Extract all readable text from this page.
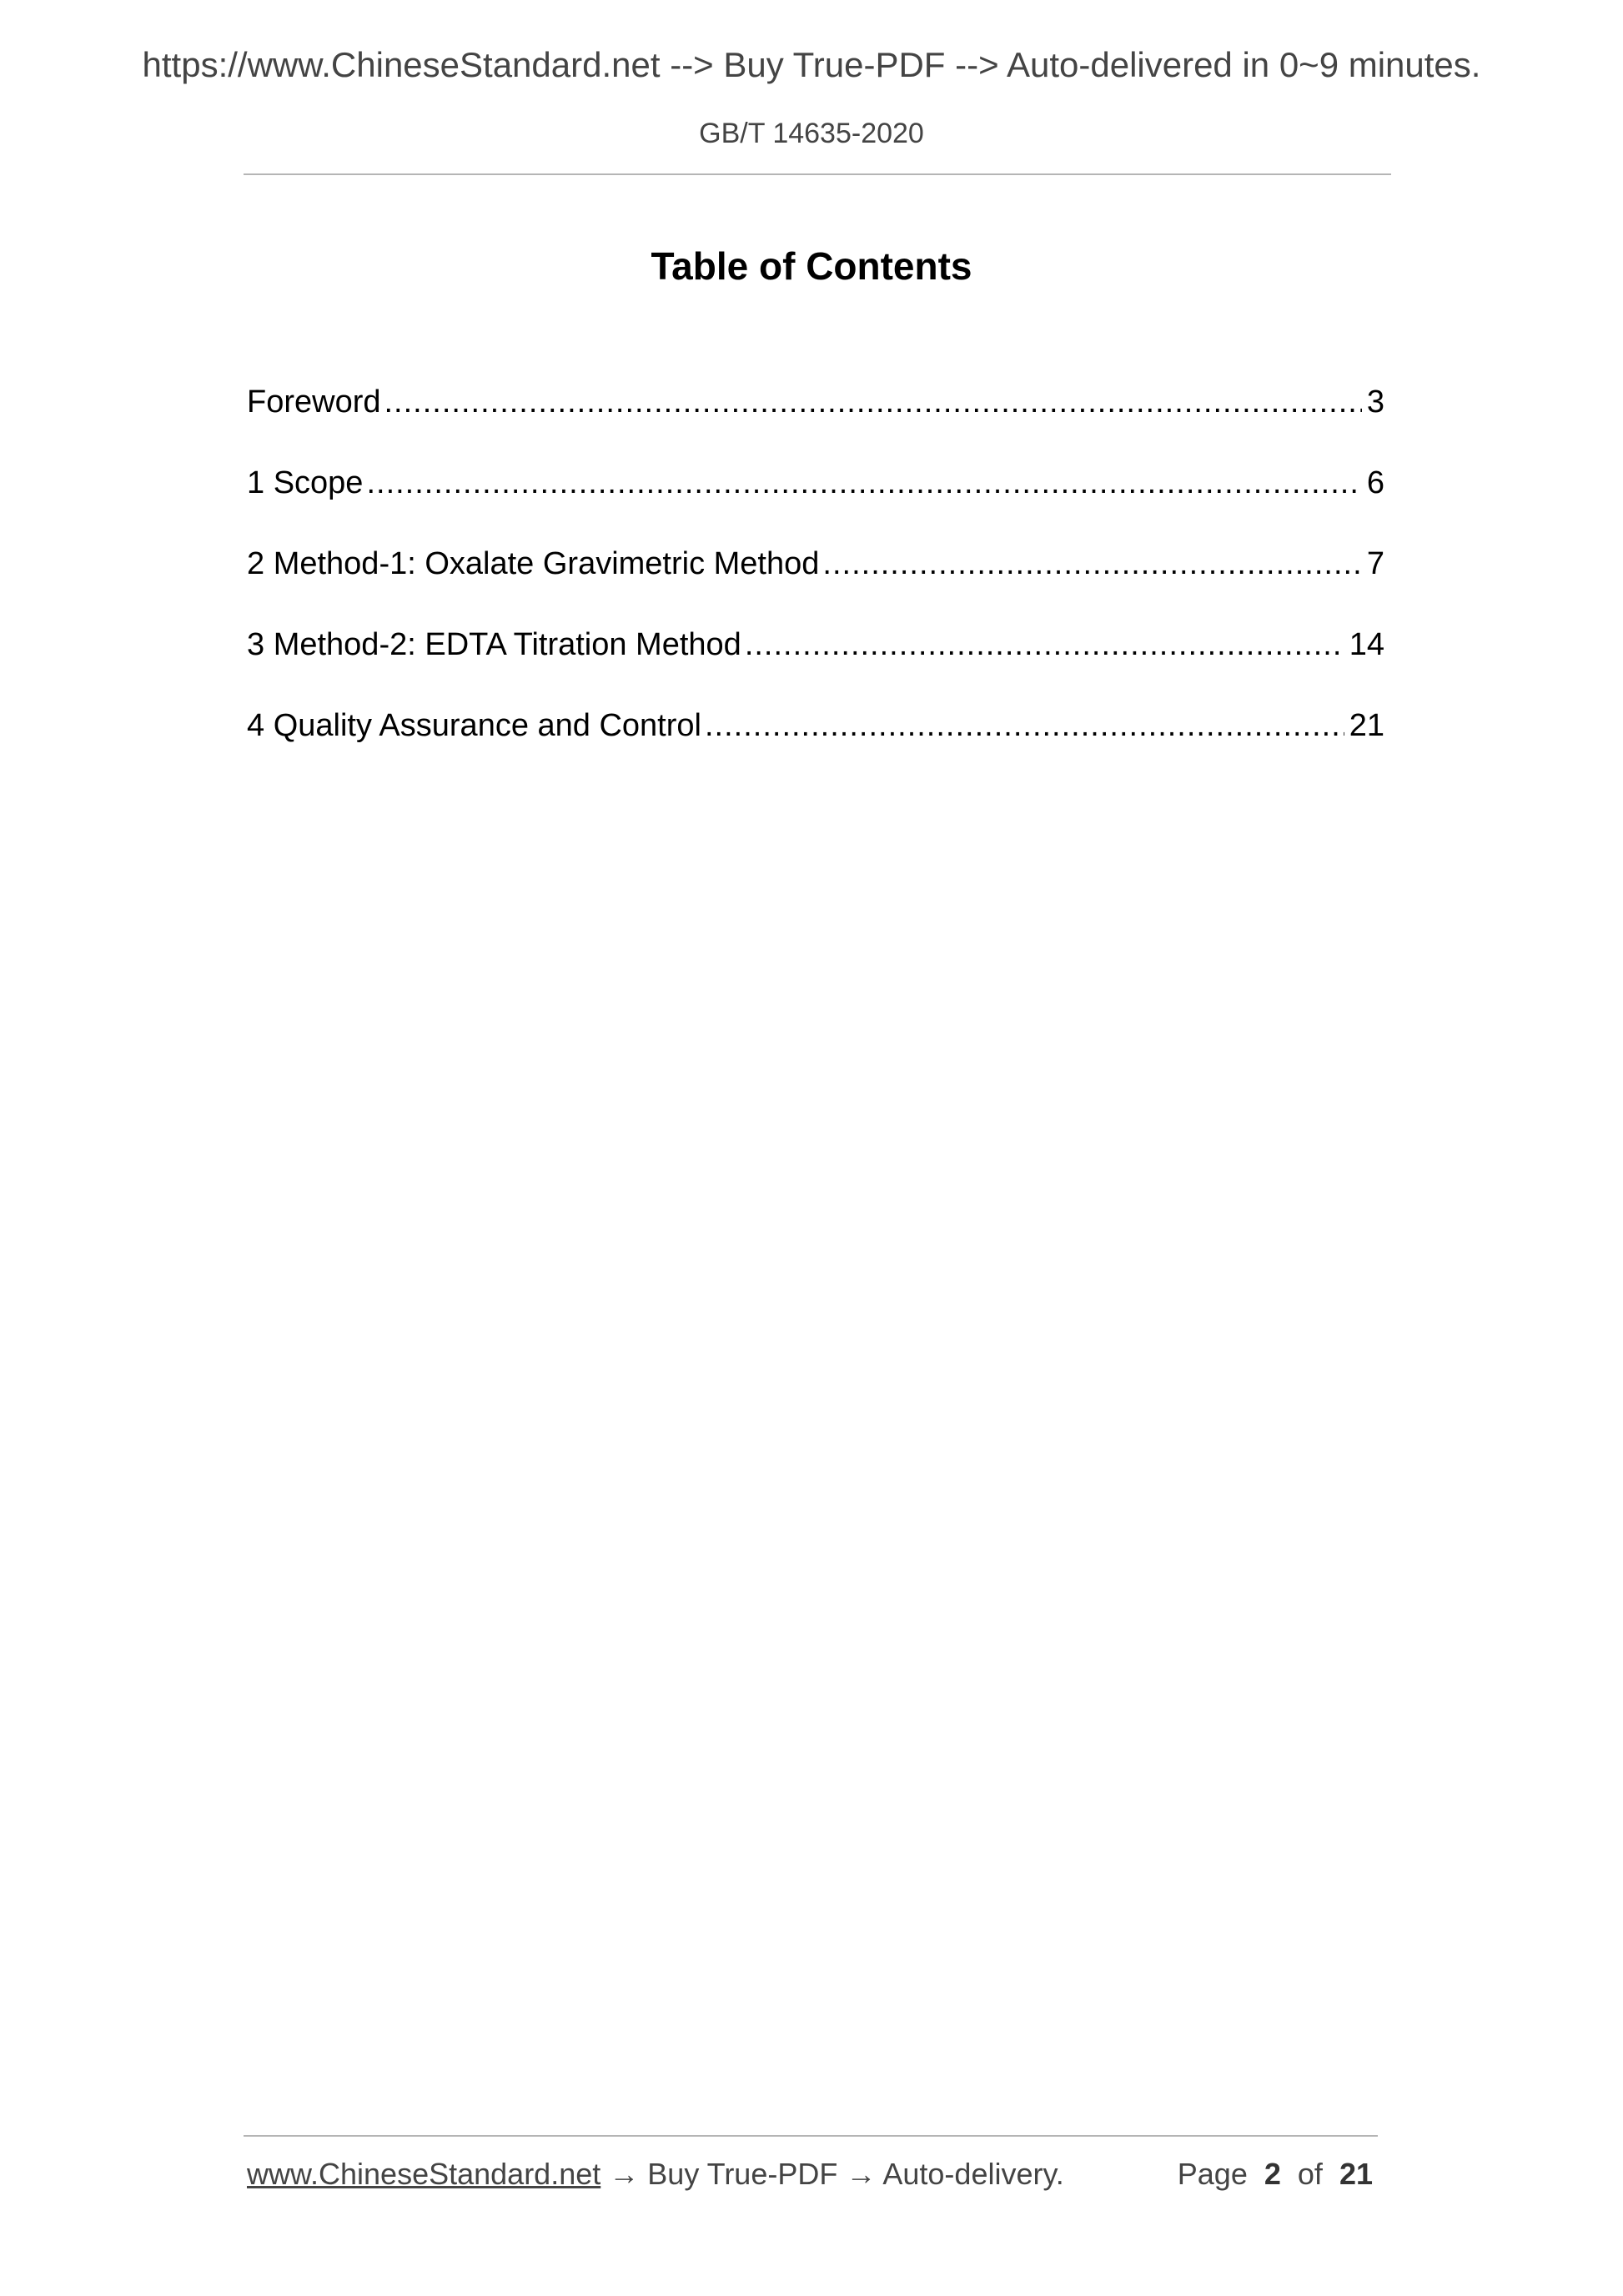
https://www.ChineseStandard.net --> Buy True-PDF --> Auto-delivered in 0~9 minutes.
GB/T 14635-2020
Table of Contents
Foreword .....	3
1 Scope .....	6
2 Method-1: Oxalate Gravimetric Method .....	7
3 Method-2: EDTA Titration Method .....	14
4 Quality Assurance and Control .....	21
www.ChineseStandard.net → Buy True-PDF → Auto-delivery.	Page 2 of 21
